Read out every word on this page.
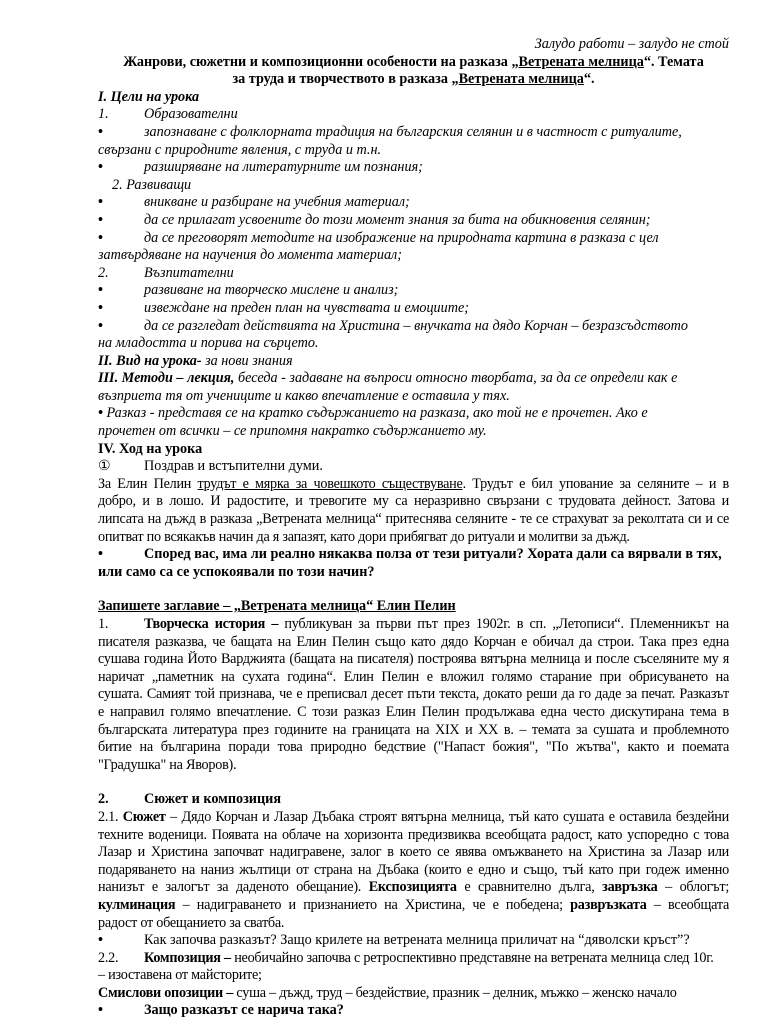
Залудо работи – залудо не стой
Жанрови, сюжетни и композиционни особености на разказа „Ветрената мелница“. Темата
за труда и творчеството в разказа „Ветрената мелница“.
I. Цели на урока
1. Образователни
•	запознаване с фолклорната традиция на българския селянин и в частност с ритуалите,
свързани с природните явления, с труда и т.н.
•	разширяване на литературните им познания;
2. Развиващи
•	вникване и разбиране на учебния материал;
•	да се прилагат усвоените до този момент знания за бита на обикновения селянин;
•	да се преговорят методите на изображение на природната картина в разказа с цел
затвърдяване на научения до момента материал;
2. Възпитателни
•	развиване на творческо мислене и анализ;
•	извеждане на преден план на чувствата и емоциите;
•	да се разгледат действията на Христина – внучката на дядо Корчан – безразсъдството
на младостта и порива на сърцето.
II. Вид на урока- за нови знания
III. Методи – лекция, беседа - задаване на въпроси относно творбата, за да се определи как е
възприета тя от учениците и какво впечатление е оставила у тях.
• Разказ - представя се на кратко съдържанието на разказа, ако той не е прочетен. Ако е
прочетен от всички – се припомня накратко съдържанието му.
IV. Ход на урока
① Поздрав и встъпителни думи.
За Елин Пелин трудът е мярка за човешкото съществуване. Трудът е бил упование за селяните – и в
добро, и в лошо. И радостите, и тревогите му са неразривно свързани с трудовата дейност. Затова и
липсата на дъжд в разказа „Ветрената мелница“ притеснява селяните - те се страхуват за реколтата си и се
опитват по всякакъв начин да я запазят, като дори прибягват до ритуали и молитви за дъжд.
•	Според вас, има ли реално някаква полза от тези ритуали? Хората дали са вярвали в тях,
или само са се успокоявали по този начин?
Запишете заглавие – „Ветрената мелница“ Елин Пелин
1.	Творческа история – публикуван за първи път през 1902г. в сп. „Летописи“. Племенникът на
писателя разказва, че бащата на Елин Пелин също като дядо Корчан е обичал да строи. Така през една
сушава година Йото Варджията (бащата на писателя) построява вятърна мелница и после съселяните му я
наричат „паметник на сухата година“. Елин Пелин е вложил голямо старание при обрисуването на
сушата. Самият той признава, че е преписвал десет пъти текста, докато реши да го даде за печат. Разказът
е направил голямо впечатление. С този разказ Елин Пелин продължава една често дискутирана тема в
българската литература през годините на границата на XIX и XX в. – темата за сушата и проблемното
битие на българина поради това природно бедствие ("Напаст божия", "По жътва", както и поемата
"Градушка" на Яворов).
2. Сюжет и композиция
2.1. Сюжет – Дядо Корчан и Лазар Дъбака строят вятърна мелница, тъй като сушата е оставила бездейни
техните воденици. Появата на облаче на хоризонта предизвиква всеобщата радост, като успоредно с това
Лазар и Христина започват надигравене, залог в което се явява омъжването на Христина за Лазар или
подаряването на наниз жълтици от страна на Дъбака (които е едно и също, тъй като при годеж именно
нанизът е залогът за даденото обещание). Експозицията е сравнително дълга, завръзка – облогът;
кулминация – надиграването и признанието на Христина, че е победена; развръзката – всеобщата
радост от обещанието за сватба.
•	Как започва разказът? Защо крилете на ветрената мелница приличат на “дяволски кръст”?
2.2. Композиция – необичайно започва с ретроспективно представяне на ветрената мелница след 10г.
– изоставена от майсторите;
Смислови опозиции – суша – дъжд, труд – бездействие, празник – делник, мъжко – женско начало
•	Защо разказът се нарича така?
